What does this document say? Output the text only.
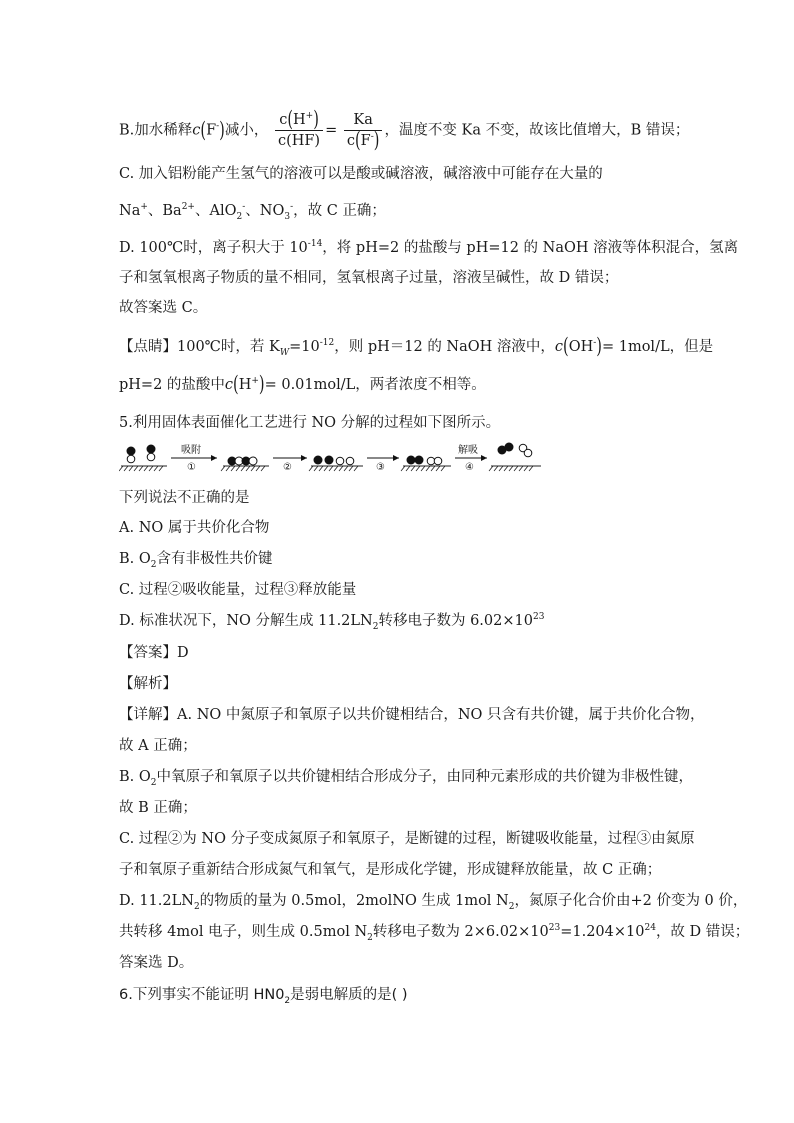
B.加水稀释c(F-)减小， $\frac{c(H^+)}{c(HF)} = \frac{Ka}{c(F^-)}$ ，温度不变 Ka 不变，故该比值增大，B 错误；
C. 加入铝粉能产生氢气的溶液可以是酸或碱溶液，碱溶液中可能存在大量的
Na+、$Ba^{2+}$、AlO$_2$-、$NO_3^-$，故 C 正确；
D. 100℃时，离子积大于 $10^{-14}$，将 pH=2 的盐酸与 pH=12 的 NaOH 溶液等体积混合，氢离
子和氢氧根离子物质的量不相同，氢氧根离子过量，溶液呈碱性，故 D 错误；
故答案选 C。
【点睛】100℃时，若 $K_W=10^{-12}$，则 pH＝12 的 NaOH 溶液中，c(OH-)= 1mol/L，但是
pH=2 的盐酸中c(H+)= 0.01mol/L，两者浓度不相等。
5.利用固体表面催化工艺进行 NO 分解的过程如下图所示。
吸附
①	②	③
解吸
④
下列说法不正确的是
A. NO 属于共价化合物
B. $O_2$含有非极性共价键
C. 过程②吸收能量，过程③释放能量
D. 标准状况下，NO 分解生成 $11.2LN_2$转移电子数为 $6.02\times 10^{23}$
【答案】D
【解析】
【详解】A. NO 中氮原子和氧原子以共价键相结合，NO 只含有共价键，属于共价化合物，
故 A 正确；
B. $O_2$中氧原子和氧原子以共价键相结合形成分子，由同种元素形成的共价键为非极性键，
故 B 正确；
C. 过程②为 NO 分子变成氮原子和氧原子，是断键的过程，断键吸收能量，过程③由氮原
子和氧原子重新结合形成氮气和氧气，是形成化学键，形成键释放能量，故 C 正确；
D. $11.2LN_2$的物质的量为 0.5mol，2molNO 生成 1mol $N_2$，氮原子化合价由+2 价变为 0 价，
共转移 4mol 电子，则生成 0.5mol $N_2$转移电子数为 $2\times 6.02\times 10^{23}=1.204\times 10^{24}$，故 D 错误；
答案选 D。
6.下列事实不能证明 $HN0_2$是弱电解质的是( )
